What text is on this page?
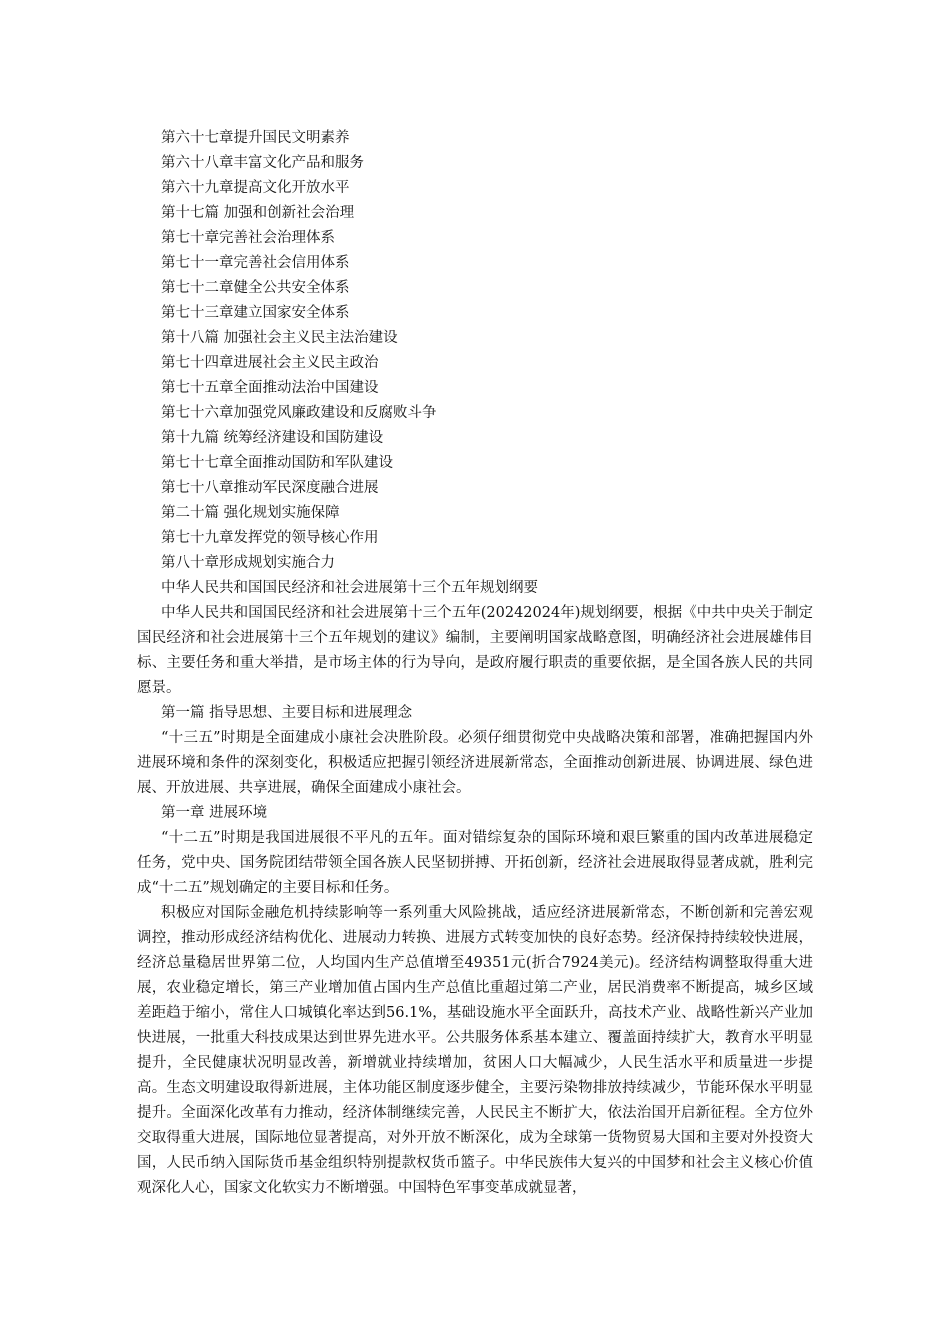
第六十七章提升国民文明素养

第六十八章丰富文化产品和服务

第六十九章提高文化开放水平

第十七篇 加强和创新社会治理

第七十章完善社会治理体系

第七十一章完善社会信用体系

第七十二章健全公共安全体系

第七十三章建立国家安全体系

第十八篇 加强社会主义民主法治建设

第七十四章进展社会主义民主政治

第七十五章全面推动法治中国建设

第七十六章加强党风廉政建设和反腐败斗争

第十九篇 统筹经济建设和国防建设

第七十七章全面推动国防和军队建设

第七十八章推动军民深度融合进展

第二十篇 强化规划实施保障

第七十九章发挥党的领导核心作用

第八十章形成规划实施合力

中华人民共和国国民经济和社会进展第十三个五年规划纲要

中华人民共和国国民经济和社会进展第十三个五年(20242024年)规划纲要，根据《中共中央关于制定国民经济和社会进展第十三个五年规划的建议》编制，主要阐明国家战略意图，明确经济社会进展雄伟目标、主要任务和重大举措，是市场主体的行为导向，是政府履行职责的重要依据，是全国各族人民的共同愿景。

第一篇 指导思想、主要目标和进展理念

“十三五”时期是全面建成小康社会决胜阶段。必须仔细贯彻党中央战略决策和部署，准确把握国内外进展环境和条件的深刻变化，积极适应把握引领经济进展新常态，全面推动创新进展、协调进展、绿色进展、开放进展、共享进展，确保全面建成小康社会。

第一章 进展环境

“十二五”时期是我国进展很不平凡的五年。面对错综复杂的国际环境和艰巨繁重的国内改革进展稳定任务，党中央、国务院团结带领全国各族人民坚韧拼搏、开拓创新，经济社会进展取得显著成就，胜利完成“十二五”规划确定的主要目标和任务。

积极应对国际金融危机持续影响等一系列重大风险挑战，适应经济进展新常态，不断创新和完善宏观调控，推动形成经济结构优化、进展动力转换、进展方式转变加快的良好态势。经济保持持续较快进展，经济总量稳居世界第二位，人均国内生产总值增至49351元(折合7924美元)。经济结构调整取得重大进展，农业稳定增长，第三产业增加值占国内生产总值比重超过第二产业，居民消费率不断提高，城乡区域差距趋于缩小，常住人口城镇化率达到56.1%，基础设施水平全面跃升，高技术产业、战略性新兴产业加快进展，一批重大科技成果达到世界先进水平。公共服务体系基本建立、覆盖面持续扩大，教育水平明显提升，全民健康状况明显改善，新增就业持续增加，贫困人口大幅减少，人民生活水平和质量进一步提高。生态文明建设取得新进展，主体功能区制度逐步健全，主要污染物排放持续减少，节能环保水平明显提升。全面深化改革有力推动，经济体制继续完善，人民民主不断扩大，依法治国开启新征程。全方位外交取得重大进展，国际地位显著提高，对外开放不断深化，成为全球第一货物贸易大国和主要对外投资大国，人民币纳入国际货币基金组织特别提款权货币篮子。中华民族伟大复兴的中国梦和社会主义核心价值观深化人心，国家文化软实力不断增强。中国特色军事变革成就显著，
